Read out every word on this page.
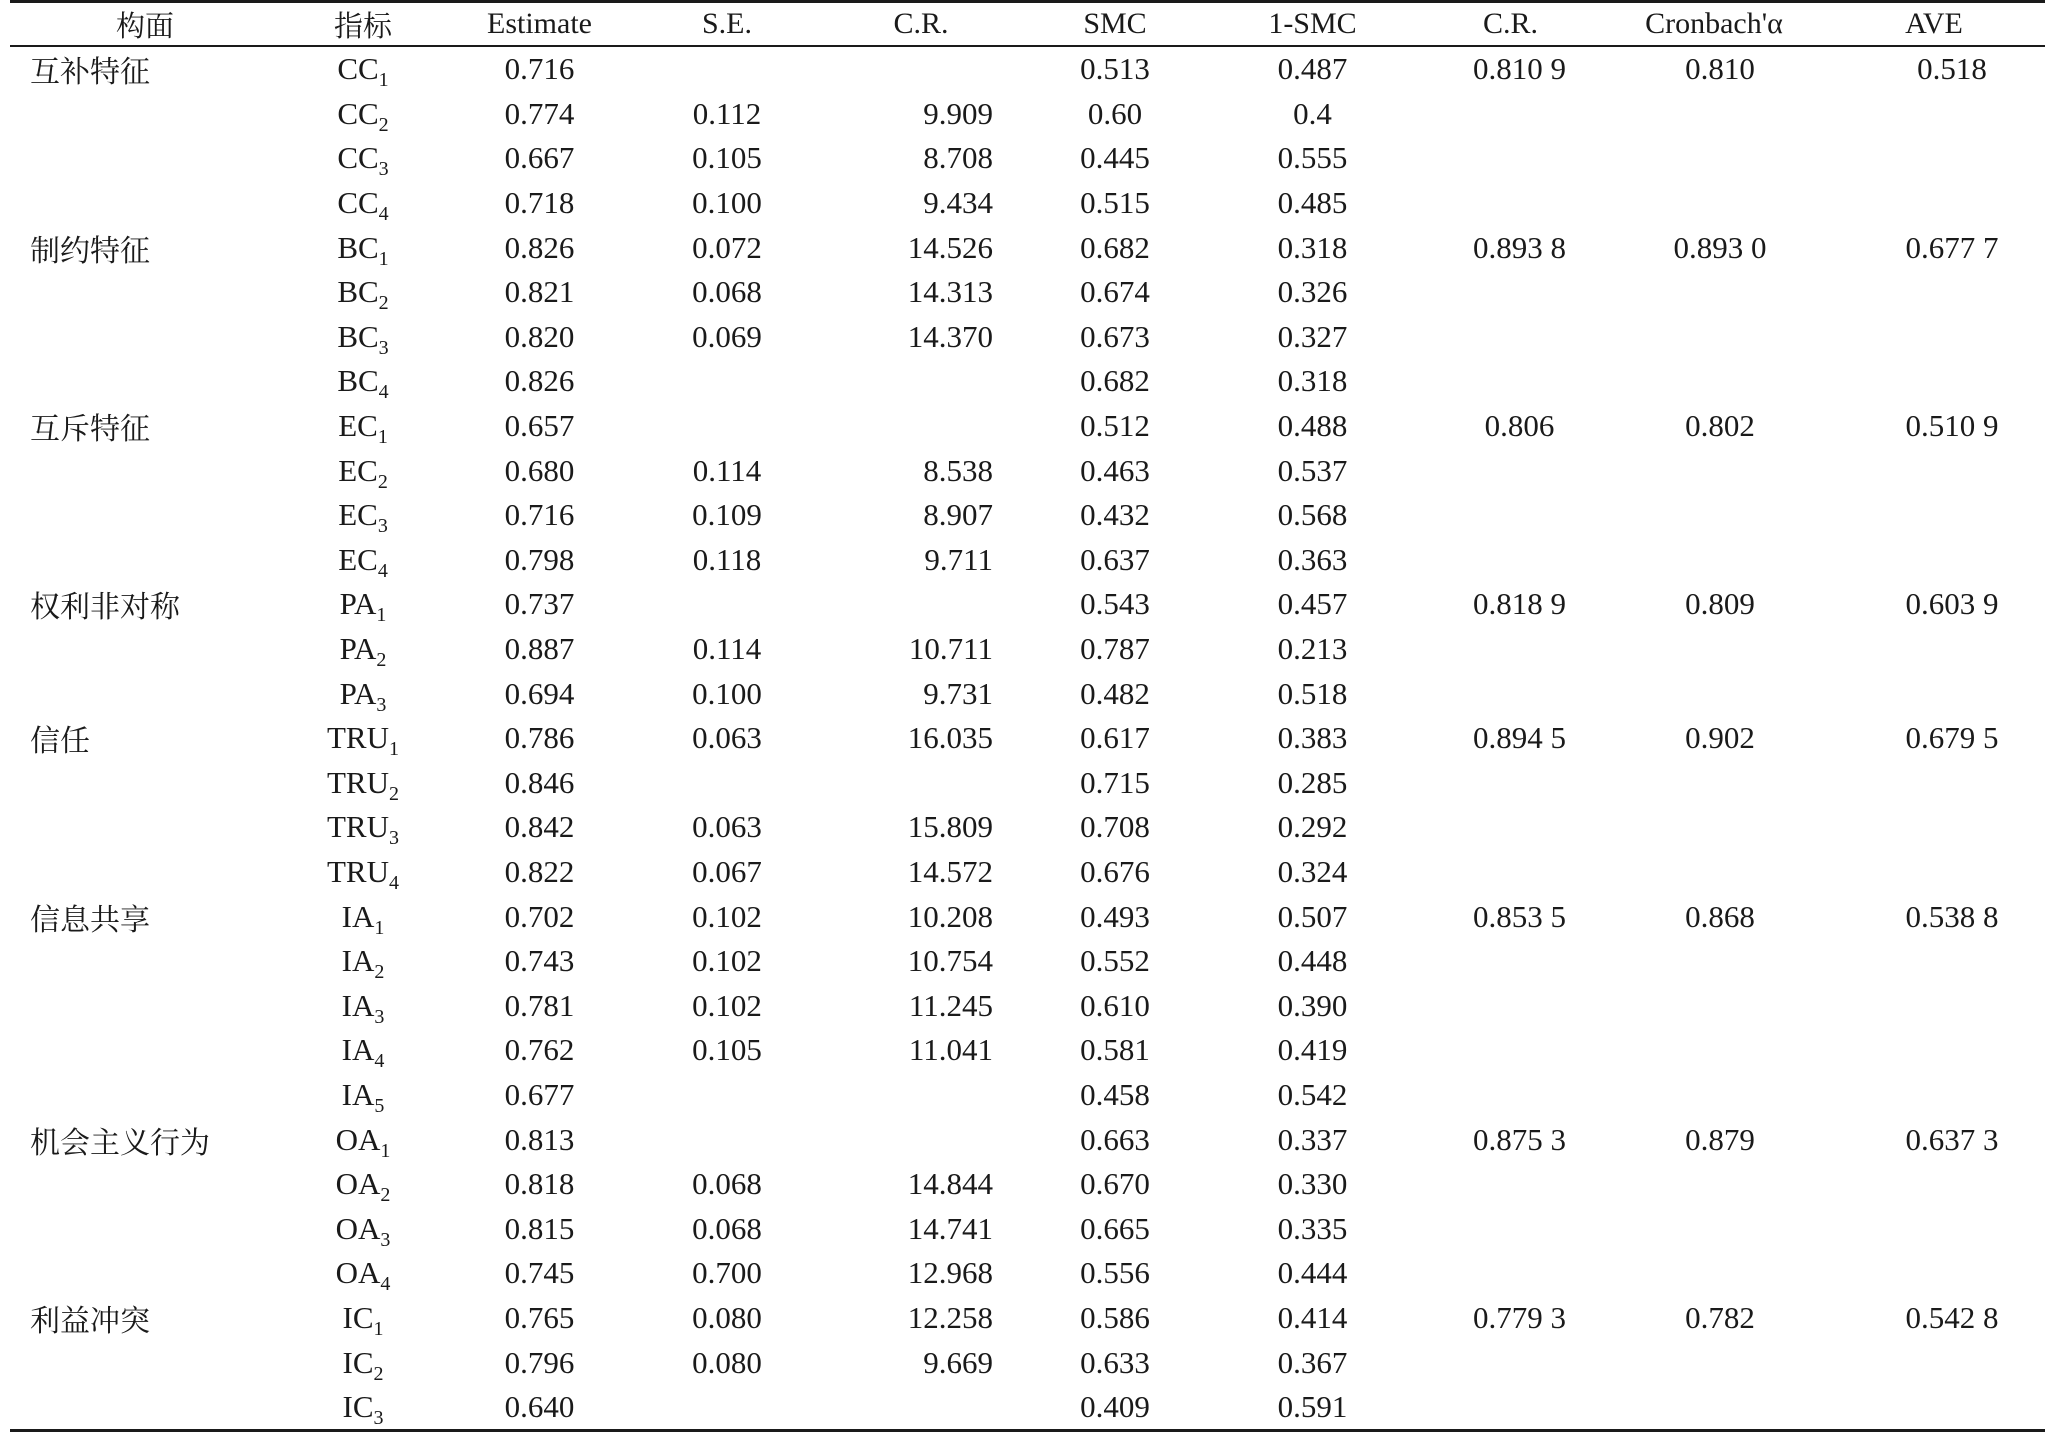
构面	指标	Estimate	S.E.	C.R.	SMC	1-SMC	C.R.	Cronbach'α	AVE
互补特征	$CC_1$	0.716			0.513	0.487	0.810 9	0.810	0.518
	$CC_2$	0.774	0.112	9.909	0.60	0.4			
	$CC_3$	0.667	0.105	8.708	0.445	0.555			
	$CC_4$	0.718	0.100	9.434	0.515	0.485			
制约特征	$BC_1$	0.826	0.072	14.526	0.682	0.318	0.893 8	0.893 0	0.677 7
	$BC_2$	0.821	0.068	14.313	0.674	0.326			
	$BC_3$	0.820	0.069	14.370	0.673	0.327			
	$BC_4$	0.826			0.682	0.318			
互斥特征	$EC_1$	0.657			0.512	0.488	0.806	0.802	0.510 9
	$EC_2$	0.680	0.114	8.538	0.463	0.537			
	$EC_3$	0.716	0.109	8.907	0.432	0.568			
	$EC_4$	0.798	0.118	9.711	0.637	0.363			
权利非对称	$PA_1$	0.737			0.543	0.457	0.818 9	0.809	0.603 9
	$PA_2$	0.887	0.114	10.711	0.787	0.213			
	$PA_3$	0.694	0.100	9.731	0.482	0.518			
信任	$TRU_1$	0.786	0.063	16.035	0.617	0.383	0.894 5	0.902	0.679 5
	$TRU_2$	0.846			0.715	0.285			
	$TRU_3$	0.842	0.063	15.809	0.708	0.292			
	$TRU_4$	0.822	0.067	14.572	0.676	0.324			
信息共享	$IA_1$	0.702	0.102	10.208	0.493	0.507	0.853 5	0.868	0.538 8
	$IA_2$	0.743	0.102	10.754	0.552	0.448			
	$IA_3$	0.781	0.102	11.245	0.610	0.390			
	$IA_4$	0.762	0.105	11.041	0.581	0.419			
	$IA_5$	0.677			0.458	0.542			
机会主义行为	$OA_1$	0.813			0.663	0.337	0.875 3	0.879	0.637 3
	$OA_2$	0.818	0.068	14.844	0.670	0.330			
	$OA_3$	0.815	0.068	14.741	0.665	0.335			
	$OA_4$	0.745	0.700	12.968	0.556	0.444			
利益冲突	$IC_1$	0.765	0.080	12.258	0.586	0.414	0.779 3	0.782	0.542 8
	$IC_2$	0.796	0.080	9.669	0.633	0.367			
	$IC_3$	0.640			0.409	0.591			
